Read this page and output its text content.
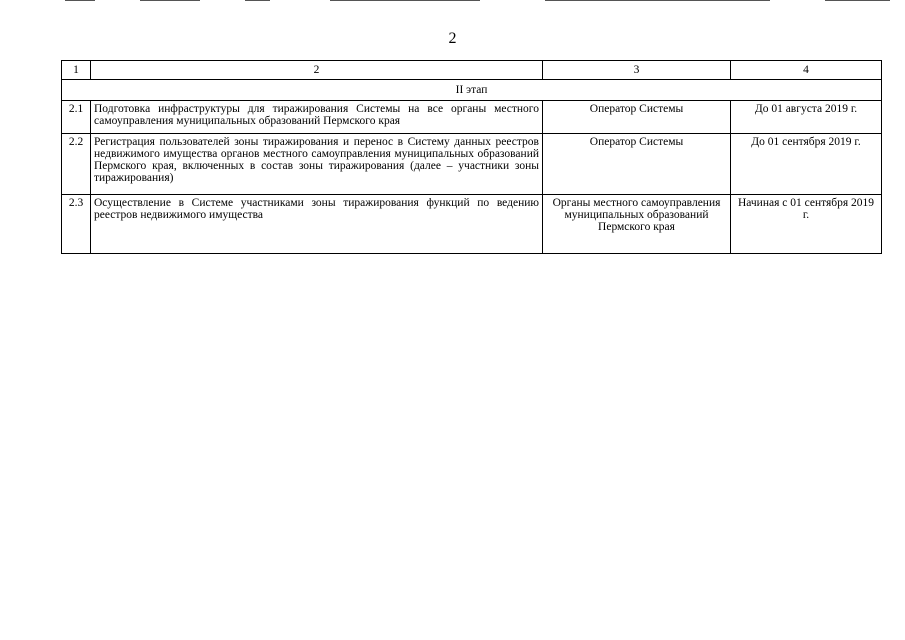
2
1	2	3	4
II этап			
2.1	Подготовка инфраструктуры для тиражирования Системы на все органы местного самоуправления муниципальных образований Пермского края	Оператор Системы	До 01 августа 2019 г.
2.2	Регистрация пользователей зоны тиражирования и перенос в Систему данных реестров недвижимого имущества органов местного самоуправления муниципальных образований Пермского края, включенных в состав зоны тиражирования (далее – участники зоны тиражирования)	Оператор Системы	До 01 сентября 2019 г.
2.3	Осуществление в Системе участниками зоны тиражирования функций по ведению реестров недвижимого имущества	Органы местного самоуправления муниципальных образований Пермского края	Начиная с 01 сентября 2019 г.
